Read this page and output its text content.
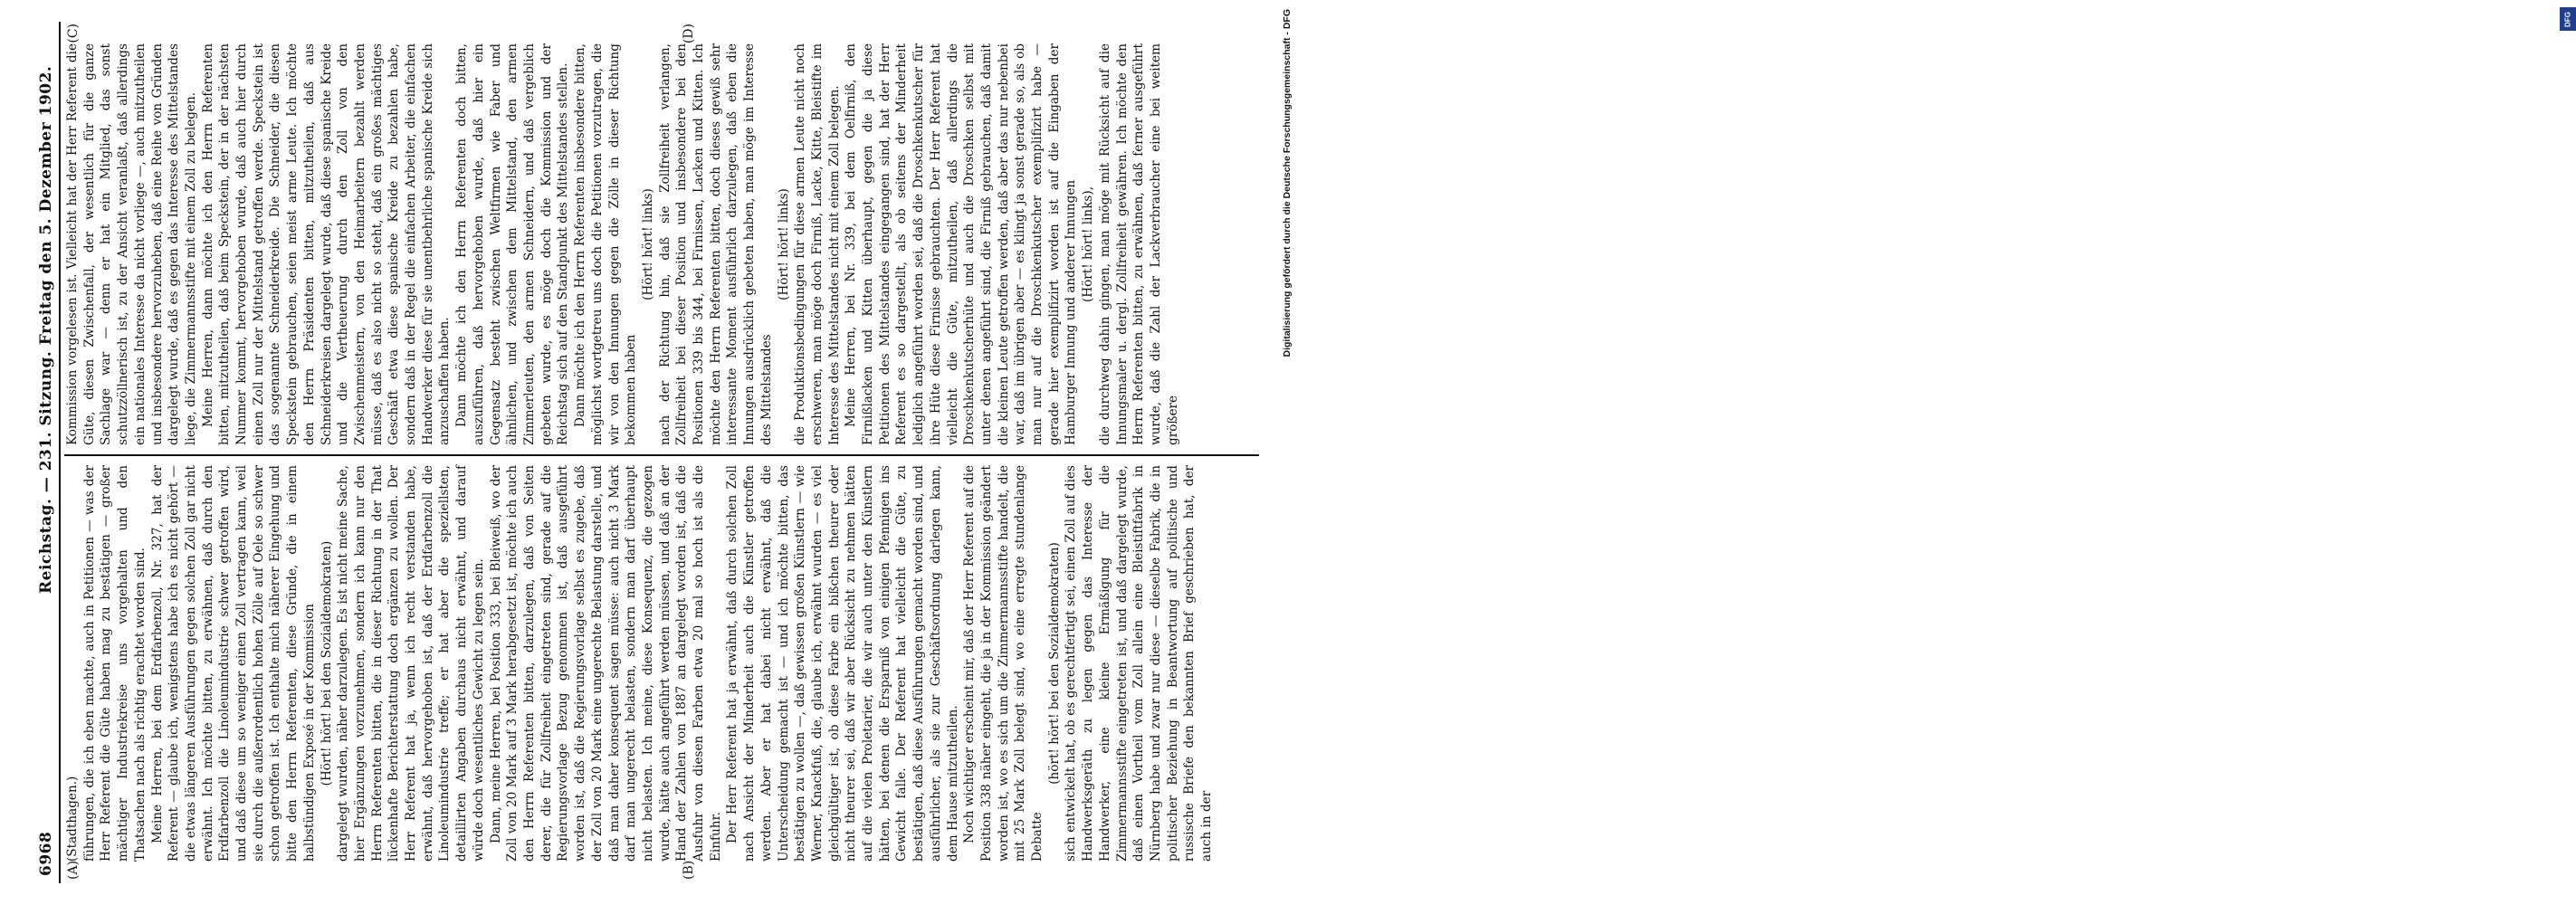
6968
Reichstag. — 231. Sitzung. Freitag den 5. Dezember 1902.
(A)	(B)
(C)	(D)

(Stadthagen.) führungen, die ich eben machte, auch in Petitionen — was der Herr Referent die Güte haben mag zu bestätigen — großer mächtiger Industriekreise uns vorgehalten und den Thatsachen nach als richtig erachtet worden sind. Meine Herren, bei dem Erdfarbenzoll, Nr. 327, hat der Referent — glaube ich, wenigstens habe ich es nicht gehört — die etwas längeren Ausführungen gegen solchen Zoll gar nicht erwähnt. Ich möchte bitten, zu erwähnen, daß durch den Erdfarbenzoll die Linoleumindustrie schwer getroffen wird, und daß diese um so weniger einen Zoll vertragen kann, weil sie durch die außerordentlich hohen Zölle auf Oele so schwer schon getroffen ist. Ich enthalte mich näherer Eingehung und bitte den Herrn Referenten, diese Gründe, die in einem halbstündigen Exposé in der Kommission (Hört! hört! bei den Sozialdemokraten) dargelegt wurden, näher darzulegen. Es ist nicht meine Sache, hier Ergänzungen vorzunehmen, sondern ich kann nur den Herrn Referenten bitten, die in dieser Richtung in der That lückenhafte Berichterstattung doch ergänzen zu wollen. Der Herr Referent hat ja, wenn ich recht verstanden habe, erwähnt, daß hervorgehoben ist, daß der Erdfarbenzoll die Linoleumindustrie treffe; er hat aber die speziellsten, detaillirten Angaben durchaus nicht erwähnt, und darauf würde doch wesentliches Gewicht zu legen sein. Dann, meine Herren, bei Position 333, bei Bleiweiß, wo der Zoll von 20 Mark auf 3 Mark herabgesetzt ist, möchte ich auch den Herrn Referenten bitten, darzulegen, daß von Seiten derer, die für Zollfreiheit eingetreten sind, gerade auf die Regierungsvorlage Bezug genommen ist, daß ausgeführt worden ist, daß die Regierungsvorlage selbst es zugebe, daß der Zoll von 20 Mark eine ungerechte Belastung darstelle, und daß man daher konsequent sagen müsse: auch nicht 3 Mark darf man ungerecht belasten, sondern man darf überhaupt nicht belasten. Ich meine, diese Konsequenz, die gezogen wurde, hätte auch angeführt werden müssen, und daß an der Hand der Zahlen von 1887 an dargelegt worden ist, daß die Ausfuhr von diesen Farben etwa 20 mal so hoch ist als die Einfuhr. Der Herr Referent hat ja erwähnt, daß durch solchen Zoll nach Ansicht der Minderheit auch die Künstler getroffen werden. Aber er hat dabei nicht erwähnt, daß die Unterscheidung gemacht ist — und ich möchte bitten, das bestätigen zu wollen —, daß gewissen großen Künstlern — wie Werner, Knackfuß, die, glaube ich, erwähnt wurden — es viel gleichgültiger ist, ob diese Farbe ein bißchen theurer oder nicht theurer sei, daß wir aber Rücksicht zu nehmen hätten auf die vielen Proletarier, die wir auch unter den Künstlern hätten, bei denen die Ersparniß von einigen Pfennigen ins Gewicht falle. Der Referent hat vielleicht die Güte, zu bestätigen, daß diese Ausführungen gemacht worden sind, und ausführlicher, als sie zur Geschäftsordnung darlegen kann, dem Hause mitzutheilen. Noch wichtiger erscheint mir, daß der Herr Referent auf die Position 338 näher eingeht, die ja in der Kommission geändert worden ist, wo es sich um die Zimmermannsstifte handelt, die mit 25 Mark Zoll belegt sind, wo eine erregte stundenlange Debatte

(hört! hört! bei den Sozialdemokraten) sich entwickelt hat, ob es gerechtfertigt sei, einen Zoll auf dies Handwerksgeräth zu legen gegen das Interesse der Handwerker, eine kleine Ermäßigung für die Zimmermannsstifte eingetreten ist, und daß dargelegt wurde, daß einen Vortheil vom Zoll allein eine Bleistiftfabrik in Nürnberg habe und zwar nur diese — dieselbe Fabrik, die in politischer Beziehung in Beantwortung auf politische und russische Briefe den bekannten Brief geschrieben hat, der auch in der

Kommission vorgelesen ist. Vielleicht hat der Herr Referent die Güte, diesen Zwischenfall, der wesentlich für die ganze Sachlage war — denn er hat ein Mitglied, das sonst schutzzöllnerisch ist, zu der Ansicht veranlaßt, daß allerdings ein nationales Interesse da nicht vorliege —, auch mitzutheilen und insbesondere hervorzuheben, daß eine Reihe von Gründen dargelegt wurde, daß es gegen das Interesse des Mittelstandes liege, die Zimmermannsstifte mit einem Zoll zu belegen. Meine Herren, dann möchte ich den Herrn Referenten bitten, mitzutheilen, daß beim Speckstein, der in der nächsten Nummer kommt, hervorgehoben wurde, daß auch hier durch einen Zoll nur der Mittelstand getroffen werde. Speckstein ist das sogenannte Schneiderkreide. Die Schneider, die diesen Speckstein gebrauchen, seien meist arme Leute. Ich möchte den Herrn Präsidenten bitten, mitzutheilen, daß aus Schneiderkreisen dargelegt wurde, daß diese spanische Kreide und die Vertheuerung durch den Zoll von den Zwischenmeistern, von den Heimarbeitern bezahlt werden müsse, daß es also nicht so steht, daß ein großes mächtiges Geschäft etwa diese spanische Kreide zu bezahlen habe, sondern daß in der Regel die einfachen Arbeiter, die einfachen Handwerker diese für sie unentbehrliche spanische Kreide sich anzuschaffen haben. Dann möchte ich den Herrn Referenten doch bitten, auszuführen, daß hervorgehoben wurde, daß hier ein Gegensatz besteht zwischen Weltfirmen wie Faber und ähnlichen, und zwischen dem Mittelstand, den armen Zimmerleuten, den armen Schneidern, und daß vergeblich gebeten wurde, es möge doch die Kommission und der Reichstag sich auf den Standpunkt des Mittelstandes stellen. Dann möchte ich den Herrn Referenten insbesondere bitten, möglichst wortgetreu uns doch die Petitionen vorzutragen, die wir von den Innungen gegen die Zölle in dieser Richtung bekommen haben

(Hört! hört! links) nach der Richtung hin, daß sie Zollfreiheit verlangen, Zollfreiheit bei dieser Position und insbesondere bei den Positionen 339 bis 344, bei Firnissen, Lacken und Kitten. Ich möchte den Herrn Referenten bitten, doch dieses gewiß sehr interessante Moment ausführlich darzulegen, daß eben die Innungen ausdrücklich gebeten haben, man möge im Interesse des Mittelstandes

(Hört! hört! links) die Produktionsbedingungen für diese armen Leute nicht noch erschweren, man möge doch Firniß, Lacke, Kitte, Bleistifte im Interesse des Mittelstandes nicht mit einem Zoll belegen. Meine Herren, bei Nr. 339, bei dem Oelfirniß, den Firnißlacken und Kitten überhaupt, gegen die ja diese Petitionen des Mittelstandes eingegangen sind, hat der Herr Referent es so dargestellt, als ob seitens der Minderheit lediglich angeführt worden sei, daß die Droschkenkutscher für ihre Hüte diese Firnisse gebrauchten. Der Herr Referent hat vielleicht die Güte, mitzutheilen, daß allerdings die Droschkenkutscherhüte und auch die Droschken selbst mit unter denen angeführt sind, die Firniß gebrauchen, daß damit die kleinen Leute getroffen werden, daß aber das nur nebenbei war, daß im übrigen aber — es klingt ja sonst gerade so, als ob man nur auf die Droschkenkutscher exemplifizirt habe — gerade hier exemplifizirt worden ist auf die Eingaben der Hamburger Innung und anderer Innungen (Hört! hört! links), die durchweg dahin gingen, man möge mit Rücksicht auf die Innungsmaler u. dergl. Zollfreiheit gewähren. Ich möchte den Herrn Referenten bitten, zu erwähnen, daß ferner ausgeführt wurde, daß die Zahl der Lackverbraucher eine bei weitem größere

DFG
Digitalisierung gefördert durch die Deutsche Forschungsgemeinschaft - DFG
